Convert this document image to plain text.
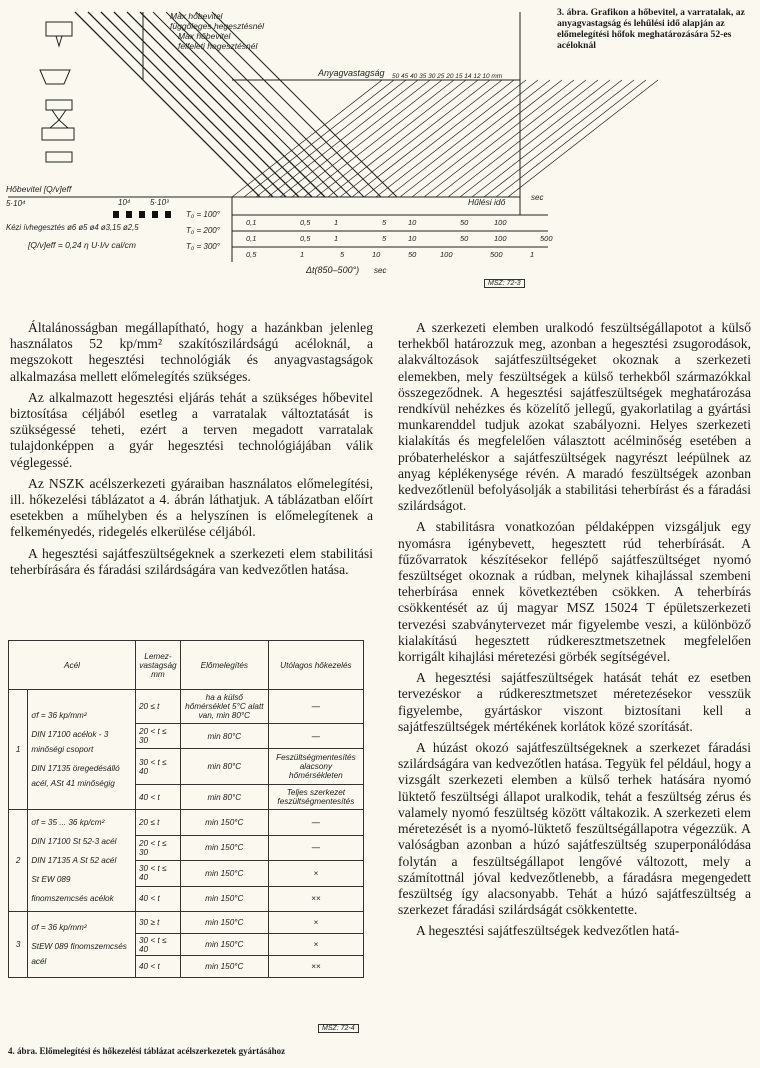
Max hőbevitel
függőleges hegesztésnél
Max hőbevitel
felfeleti hegesztésnél
Anyagvastagság 50 45 40 35 30 25 20 15 14 12 10 mm
Hőbevitel [Q/v]eff
5·10⁴	10⁴ 5·10³
Kézi ívhegesztés ø6 ø5 ø4 ø3,15 ø2,5
[Q/v]eff = 0,24 η U·I/v cal/cm
Hűlési idő	sec
Δt(850–500°) sec
T₀ = 100°
0,1	0,5	1	5	10	50	100
T₀ = 200°
0,1	0,5	1	5	10	50	100	500
T₀ = 300°
0,5	1	5	10	50	100	500	1
MSZ: 72-3
3. ábra. Grafikon a hőbevitel, a varratalak, az anyagvastagság és lehűlési idő alapján az előmelegítési hőfok meghatározására 52-es acéloknál

Általánosságban megállapítható, hogy a hazánkban jelenleg használatos 52 kp/mm² szakítószilárdságú acéloknál, a megszokott hegesztési technológiák és anyagvastagságok alkalmazása mellett előmelegítés szükséges.

Az alkalmazott hegesztési eljárás tehát a szükséges hőbevitel biztosítása céljából esetleg a varratalak változtatását is szükségessé teheti, ezért a terven megadott varratalak tulajdonképpen a gyár hegesztési technológiájában válik véglegessé.

Az NSZK acélszerkezeti gyáraiban használatos előmelegítési, ill. hőkezelési táblázatot a 4. ábrán láthatjuk. A táblázatban előírt esetekben a műhelyben és a helyszínen is előmelegítenek a felkeményedés, ridegelés elkerülése céljából.

A hegesztési sajátfeszültségeknek a szerkezeti elem stabilitási teherbírására és fáradási szilárdságára van kedvezőtlen hatása.

A szerkezeti elemben uralkodó feszültségállapotot a külső terhekből határozzuk meg, azonban a hegesztési zsugorodások, alakváltozások sajátfeszültségeket okoznak a szerkezeti elemekben, mely feszültségek a külső terhekből származókkal összegeződnek. A hegesztési sajátfeszültségek meghatározása rendkívül nehézkes és közelítő jellegű, gyakorlatilag a gyártási munkarenddel tudjuk azokat szabályozni. Helyes szerkezeti kialakítás és megfelelően választott acélminőség esetében a próbaterheléskor a sajátfeszültségek nagyrészt leépülnek az anyag képlékenysége révén. A maradó feszültségek azonban kedvezőtlenül befolyásolják a stabilitási teherbírást és a fáradási szilárdságot.

A stabilitásra vonatkozóan példaképpen vizsgáljuk egy nyomásra igénybevett, hegesztett rúd teherbírását. A fűzővarratok készítésekor fellépő sajátfeszültséget nyomó feszültséget okoznak a rúdban, melynek kihajlással szembeni teherbírása ennek következtében csökken. A teherbírás csökkentését az új magyar MSZ 15024 T épületszerkezeti tervezési szabványtervezet már figyelembe veszi, a különböző kialakítású hegesztett rúdkeresztmetszetnek megfelelően korrigált kihajlási méretezési görbék segítségével.

A hegesztési sajátfeszültségek hatását tehát ez esetben tervezéskor a rúdkeresztmetszet méretezésekor vesszük figyelembe, gyártáskor viszont biztosítani kell a sajátfeszültségek mértékének korlátok közé szorítását.

A húzást okozó sajátfeszültségeknek a szerkezet fáradási szilárdságára van kedvezőtlen hatása. Tegyük fel például, hogy a vizsgált szerkezeti elemben a külső terhek hatására nyomó lüktető feszültségi állapot uralkodik, tehát a feszültség zérus és valamely nyomó feszültség között váltakozik. A szerkezeti elem méretezését is a nyomó-lüktető feszültségállapotra végezzük. A valóságban azonban a húzó sajátfeszültség szuperponálódása folytán a feszültségállapot lengővé változott, mely a számítottnál jóval kedvezőtlenebb, a fáradásra megengedett feszültség így alacsonyabb. Tehát a húzó sajátfeszültség a szerkezet fáradási szilárdságát csökkentette.

A hegesztési sajátfeszültségek kedvezőtlen hatá-

Acél		Lemez-vastagság mm	Előmelegítés	Utólagos hőkezelés
1	σf = 36 kp/mm²
DIN 17100 acélok - 3 minőségi csoport
DIN 17135 öregedésálló acél, ASt 41 minőségig	20 ≤ t	ha a külső hőmérséklet 5°C alatt van, min 80°C	—
		20 < t ≤ 30	min 80°C	—
		30 < t ≤ 40	min 80°C	Feszültségmentesítés alacsony hőmérsékleten
		40 < t	min 80°C	Teljes szerkezet feszültségmentesítés
2	σf = 35 ... 36 kp/cm²
DIN 17100 St 52-3 acél
DIN 17135 A St 52 acél
St EW 089
finomszemcsés acélok	20 ≤ t	min 150°C	—
		20 < t ≤ 30	min 150°C	—
		30 < t ≤ 40	min 150°C	×
		40 < t	min 150°C	××
3	σf = 36 kp/mm²
StEW 089 finomszemcsés acél	30 ≥ t	min 150°C	×
		30 < t ≤ 40	min 150°C	×
		40 < t	min 150°C	××
MSZ: 72-4
4. ábra. Előmelegítési és hőkezelési táblázat acélszerkezetek gyártásához
